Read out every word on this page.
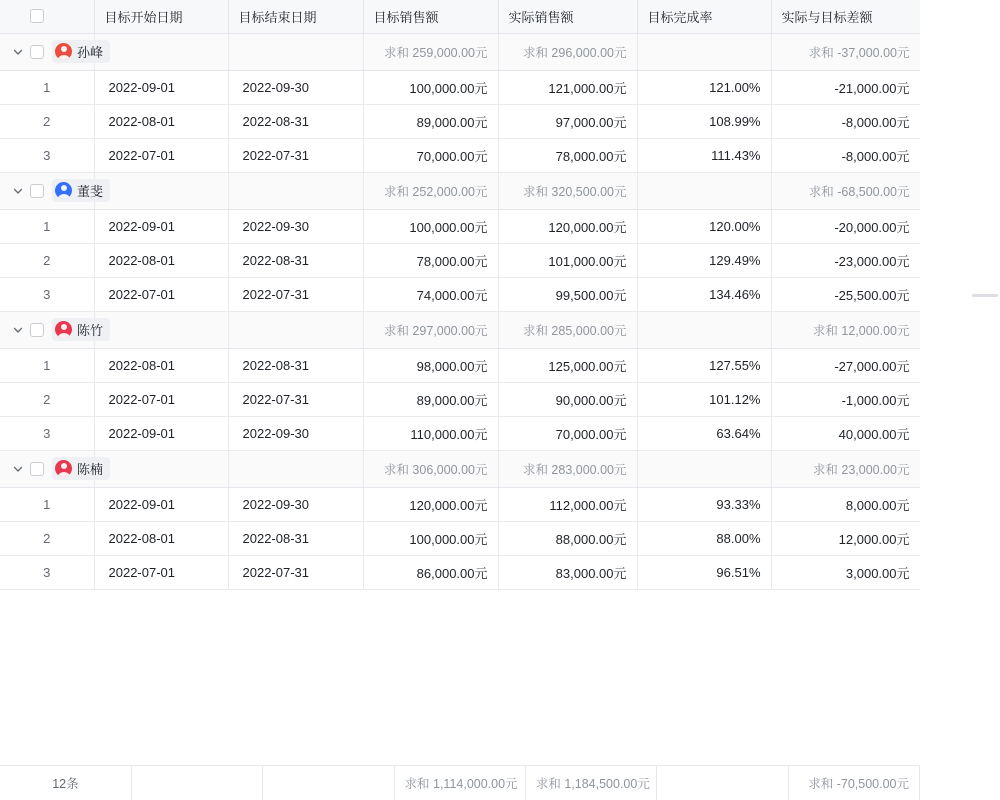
	目标开始日期	目标结束日期	目标销售额	实际销售额	目标完成率	实际与目标差额

孙峰			求和 259,000.00元	求和 296,000.00元		求和 -37,000.00元
1	2022-09-01	2022-09-30	100,000.00元	121,000.00元	121.00%	-21,000.00元
2	2022-08-01	2022-08-31	89,000.00元	97,000.00元	108.99%	-8,000.00元
3	2022-07-01	2022-07-31	70,000.00元	78,000.00元	111.43%	-8,000.00元

董斐			求和 252,000.00元	求和 320,500.00元		求和 -68,500.00元
1	2022-09-01	2022-09-30	100,000.00元	120,000.00元	120.00%	-20,000.00元
2	2022-08-01	2022-08-31	78,000.00元	101,000.00元	129.49%	-23,000.00元
3	2022-07-01	2022-07-31	74,000.00元	99,500.00元	134.46%	-25,500.00元

陈竹			求和 297,000.00元	求和 285,000.00元		求和 12,000.00元
1	2022-08-01	2022-08-31	98,000.00元	125,000.00元	127.55%	-27,000.00元
2	2022-07-01	2022-07-31	89,000.00元	90,000.00元	101.12%	-1,000.00元
3	2022-09-01	2022-09-30	110,000.00元	70,000.00元	63.64%	40,000.00元

陈楠			求和 306,000.00元	求和 283,000.00元		求和 23,000.00元
1	2022-09-01	2022-09-30	120,000.00元	112,000.00元	93.33%	8,000.00元
2	2022-08-01	2022-08-31	100,000.00元	88,000.00元	88.00%	12,000.00元
3	2022-07-01	2022-07-31	86,000.00元	83,000.00元	96.51%	3,000.00元
12条			求和 1,114,000.00元	求和 1,184,500.00元		求和 -70,500.00元
